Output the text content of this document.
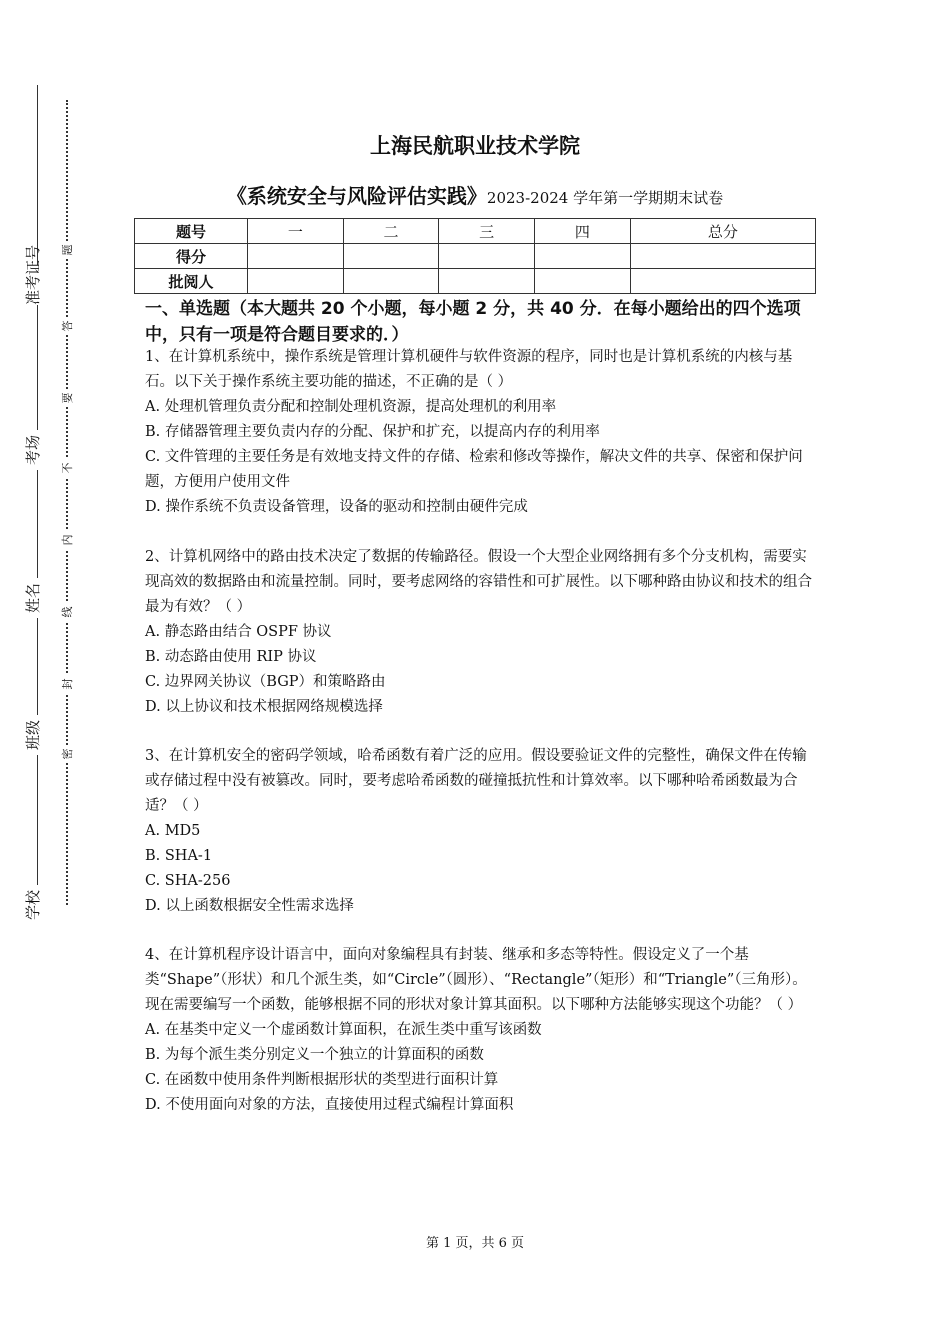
准考证号
考场
姓名
班级
学校
题
答
要
不
内
线
封
密
上海民航职业技术学院
《系统安全与风险评估实践》2023-2024 学年第一学期期末试卷
题号	一	二	三	四	总分
得分					
批阅人					
一、单选题（本大题共 20 个小题，每小题 2 分，共 40 分．在每小题给出的四个选项中，只有一项是符合题目要求的．）

1、在计算机系统中，操作系统是管理计算机硬件与软件资源的程序，同时也是计算机系统的内核与基石。以下关于操作系统主要功能的描述，不正确的是（ ）

A. 处理机管理负责分配和控制处理机资源，提高处理机的利用率

B. 存储器管理主要负责内存的分配、保护和扩充，以提高内存的利用率

C. 文件管理的主要任务是有效地支持文件的存储、检索和修改等操作，解决文件的共享、保密和保护问题，方便用户使用文件

D. 操作系统不负责设备管理，设备的驱动和控制由硬件完成

2、计算机网络中的路由技术决定了数据的传输路径。假设一个大型企业网络拥有多个分支机构，需要实现高效的数据路由和流量控制。同时，要考虑网络的容错性和可扩展性。以下哪种路由协议和技术的组合最为有效？（ ）

A. 静态路由结合 OSPF 协议

B. 动态路由使用 RIP 协议

C. 边界网关协议（BGP）和策略路由

D. 以上协议和技术根据网络规模选择

3、在计算机安全的密码学领域，哈希函数有着广泛的应用。假设要验证文件的完整性，确保文件在传输或存储过程中没有被篡改。同时，要考虑哈希函数的碰撞抵抗性和计算效率。以下哪种哈希函数最为合适？（ ）

A. MD5

B. SHA-1

C. SHA-256

D. 以上函数根据安全性需求选择

4、在计算机程序设计语言中，面向对象编程具有封装、继承和多态等特性。假设定义了一个基类“Shape”（形状）和几个派生类，如“Circle”（圆形）、“Rectangle”（矩形）和“Triangle”（三角形）。现在需要编写一个函数，能够根据不同的形状对象计算其面积。以下哪种方法能够实现这个功能？（ ）

A. 在基类中定义一个虚函数计算面积，在派生类中重写该函数

B. 为每个派生类分别定义一个独立的计算面积的函数

C. 在函数中使用条件判断根据形状的类型进行面积计算

D. 不使用面向对象的方法，直接使用过程式编程计算面积

第 1 页，共 6 页
